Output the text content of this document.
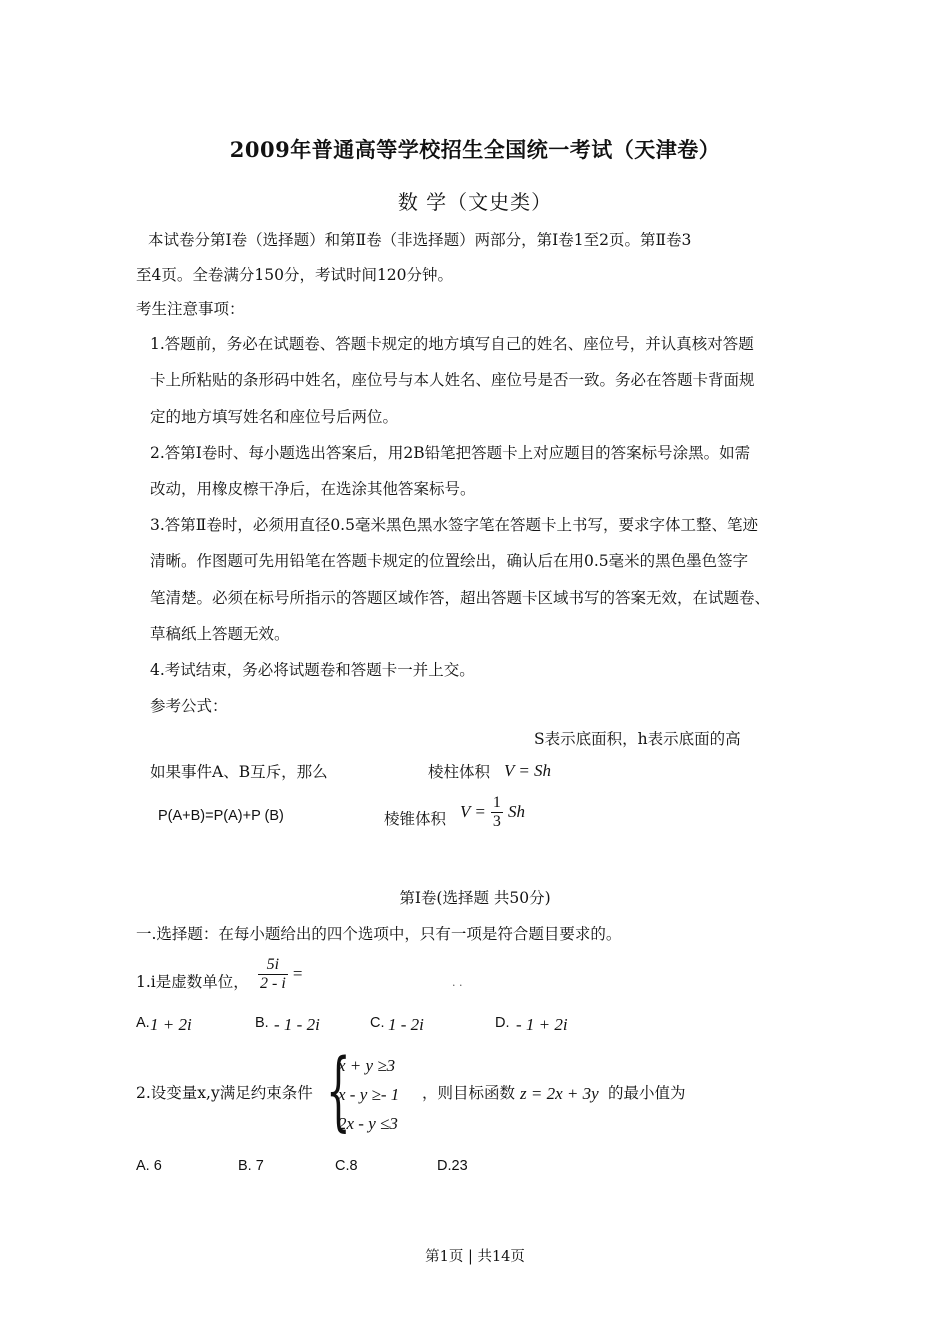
2009年普通高等学校招生全国统一考试（天津卷）
数 学（文史类）
本试卷分第Ⅰ卷（选择题）和第Ⅱ卷（非选择题）两部分，第Ⅰ卷1至2页。第Ⅱ卷3
至4页。全卷满分150分，考试时间120分钟。
考生注意事项：
1.答题前，务必在试题卷、答题卡规定的地方填写自己的姓名、座位号，并认真核对答题
卡上所粘贴的条形码中姓名，座位号与本人姓名、座位号是否一致。务必在答题卡背面规
定的地方填写姓名和座位号后两位。
2.答第Ⅰ卷时、每小题选出答案后，用2B铅笔把答题卡上对应题目的答案标号涂黑。如需
改动，用橡皮檫干净后，在选涂其他答案标号。
3.答第Ⅱ卷时，必须用直径0.5毫米黑色黑水签字笔在答题卡上书写，要求字体工整、笔迹
清晰。作图题可先用铅笔在答题卡规定的位置绘出，确认后在用0.5毫米的黑色墨色签字
笔清楚。必须在标号所指示的答题区域作答，超出答题卡区域书写的答案无效，在试题卷、
草稿纸上答题无效。
4.考试结束，务必将试题卷和答题卡一并上交。
参考公式：
S表示底面积，h表示底面的高
如果事件A、B互斥，那么	棱柱体积 V = Sh
P(A+B)=P(A)+P (B)	棱锥体积 $V = \frac{1}{3}$ Sh
第Ⅰ卷(选择题 共50分)
一.选择题：在每小题给出的四个选项中，只有一项是符合题目要求的。
1.i是虚数单位， $\frac{5i}{2 - i}$ =	. .
A. 1 + 2i	B. - 1 - 2i	C. 1 - 2i	D. - 1 + 2i
2.设变量x,y满足约束条件 {
x + y ≥3
x - y ≥- 1
2x - y ≤3
，则目标函数 z = 2x + 3y 的最小值为
A. 6	B. 7	C.8	D.23
第1页 | 共14页
